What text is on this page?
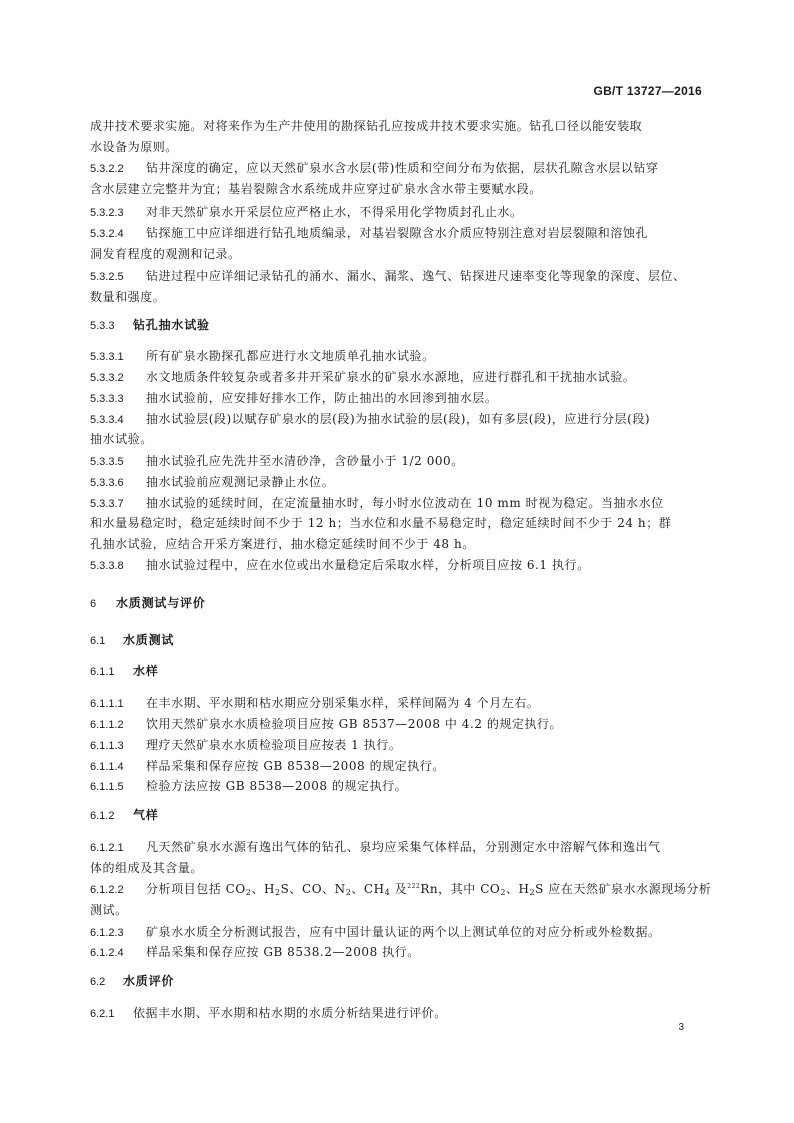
GB/T 13727—2016
成井技术要求实施。对将来作为生产井使用的勘探钻孔应按成井技术要求实施。钻孔口径以能安装取
水设备为原则。
5.3.2.2 钻井深度的确定，应以天然矿泉水含水层(带)性质和空间分布为依据，层状孔隙含水层以钻穿
含水层建立完整井为宜；基岩裂隙含水系统成井应穿过矿泉水含水带主要赋水段。
5.3.2.3 对非天然矿泉水开采层位应严格止水，不得采用化学物质封孔止水。
5.3.2.4 钻探施工中应详细进行钻孔地质编录，对基岩裂隙含水介质应特别注意对岩层裂隙和溶蚀孔
洞发育程度的观测和记录。
5.3.2.5 钻进过程中应详细记录钻孔的涌水、漏水、漏浆、逸气、钻探进尺速率变化等现象的深度、层位、
数量和强度。
5.3.3 钻孔抽水试验
5.3.3.1 所有矿泉水勘探孔都应进行水文地质单孔抽水试验。
5.3.3.2 水文地质条件较复杂或者多井开采矿泉水的矿泉水水源地，应进行群孔和干扰抽水试验。
5.3.3.3 抽水试验前，应安排好排水工作，防止抽出的水回渗到抽水层。
5.3.3.4 抽水试验层(段)以赋存矿泉水的层(段)为抽水试验的层(段)，如有多层(段)，应进行分层(段)
抽水试验。
5.3.3.5 抽水试验孔应先洗井至水清砂净，含砂量小于 1/2 000。
5.3.3.6 抽水试验前应观测记录静止水位。
5.3.3.7 抽水试验的延续时间，在定流量抽水时，每小时水位波动在 10 mm 时视为稳定。当抽水水位
和水量易稳定时，稳定延续时间不少于 12 h；当水位和水量不易稳定时，稳定延续时间不少于 24 h；群
孔抽水试验，应结合开采方案进行，抽水稳定延续时间不少于 48 h。
5.3.3.8 抽水试验过程中，应在水位或出水量稳定后采取水样，分析项目应按 6.1 执行。
6 水质测试与评价
6.1 水质测试
6.1.1 水样
6.1.1.1 在丰水期、平水期和枯水期应分别采集水样，采样间隔为 4 个月左右。
6.1.1.2 饮用天然矿泉水水质检验项目应按 GB 8537—2008 中 4.2 的规定执行。
6.1.1.3 理疗天然矿泉水水质检验项目应按表 1 执行。
6.1.1.4 样品采集和保存应按 GB 8538—2008 的规定执行。
6.1.1.5 检验方法应按 GB 8538—2008 的规定执行。
6.1.2 气样
6.1.2.1 凡天然矿泉水水源有逸出气体的钻孔、泉均应采集气体样品，分别测定水中溶解气体和逸出气
体的组成及其含量。
6.1.2.2 分析项目包括 $CO_2$、$H_2S$、CO、$N_2$、$CH_4$ 及$^{222}$Rn，其中 $CO_2$、$H_2S$ 应在天然矿泉水水源现场分析
测试。
6.1.2.3 矿泉水水质全分析测试报告，应有中国计量认证的两个以上测试单位的对应分析或外检数据。
6.1.2.4 样品采集和保存应按 GB 8538.2—2008 执行。
6.2 水质评价
6.2.1 依据丰水期、平水期和枯水期的水质分析结果进行评价。
3
